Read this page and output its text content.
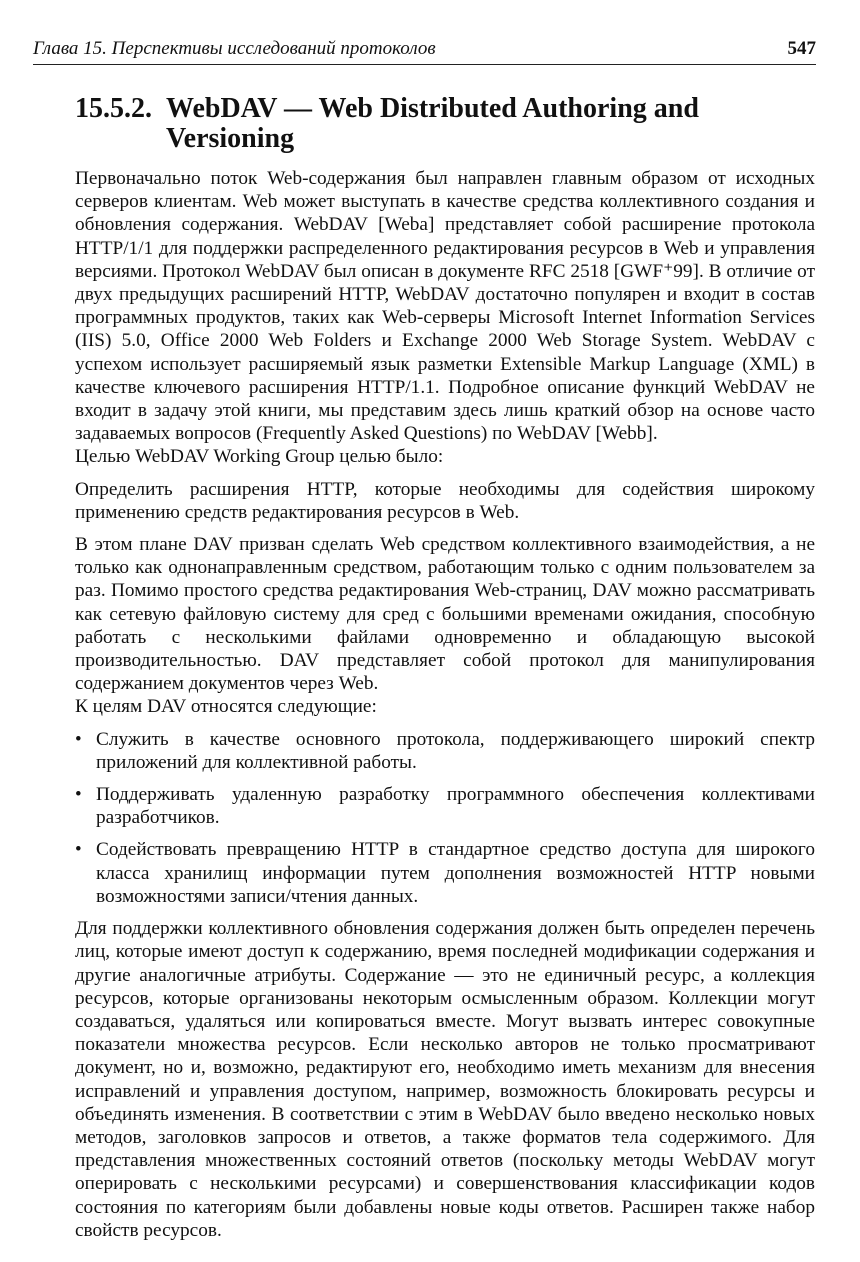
Глава 15. Перспективы исследований протоколов	547
15.5.2. WebDAV — Web Distributed Authoring and
Versioning

Первоначально поток Web-содержания был направлен главным образом от исходных серверов клиентам. Web может выступать в качестве средства коллективного создания и обновления содержания. WebDAV [Weba] представляет собой расширение протокола HTTP/1/1 для поддержки распределенного редактирования ресурсов в Web и управления версиями. Протокол WebDAV был описан в документе RFC 2518 [GWF⁺99]. В отличие от двух предыдущих расширений HTTP, WebDAV достаточно популярен и входит в состав программных продуктов, таких как Web-серверы Microsoft Internet Information Services (IIS) 5.0, Office 2000 Web Folders и Exchange 2000 Web Storage System. WebDAV с успехом использует расширяемый язык разметки Extensible Markup Language (XML) в качестве ключевого расширения HTTP/1.1. Подробное описание функций WebDAV не входит в задачу этой книги, мы представим здесь лишь краткий обзор на основе часто задаваемых вопросов (Frequently Asked Questions) по WebDAV [Webb].

Целью WebDAV Working Group целью было:

Определить расширения HTTP, которые необходимы для содействия широкому применению средств редактирования ресурсов в Web.

В этом плане DAV призван сделать Web средством коллективного взаимодействия, а не только как однонаправленным средством, работающим только с одним пользователем за раз. Помимо простого средства редактирования Web-страниц, DAV можно рассматривать как сетевую файловую систему для сред с большими временами ожидания, способную работать с несколькими файлами одновременно и обладающую высокой производительностью. DAV представляет собой протокол для манипулирования содержанием документов через Web.

К целям DAV относятся следующие:

• Служить в качестве основного протокола, поддерживающего широкий спектр приложений для коллективной работы.
• Поддерживать удаленную разработку программного обеспечения коллективами разработчиков.
• Содействовать превращению HTTP в стандартное средство доступа для широкого класса хранилищ информации путем дополнения возможностей HTTP новыми возможностями записи/чтения данных.

Для поддержки коллективного обновления содержания должен быть определен перечень лиц, которые имеют доступ к содержанию, время последней модификации содержания и другие аналогичные атрибуты. Содержание — это не единичный ресурс, а коллекция ресурсов, которые организованы некоторым осмысленным образом. Коллекции могут создаваться, удаляться или копироваться вместе. Могут вызвать интерес совокупные показатели множества ресурсов. Если несколько авторов не только просматривают документ, но и, возможно, редактируют его, необходимо иметь механизм для внесения исправлений и управления доступом, например, возможность блокировать ресурсы и объединять изменения. В соответствии с этим в WebDAV было введено несколько новых методов, заголовков запросов и ответов, а также форматов тела содержимого. Для представления множественных состояний ответов (поскольку методы WebDAV могут оперировать с несколькими ресурсами) и совершенствования классификации кодов состояния по категориям были добавлены новые коды ответов. Расширен также набор свойств ресурсов.
